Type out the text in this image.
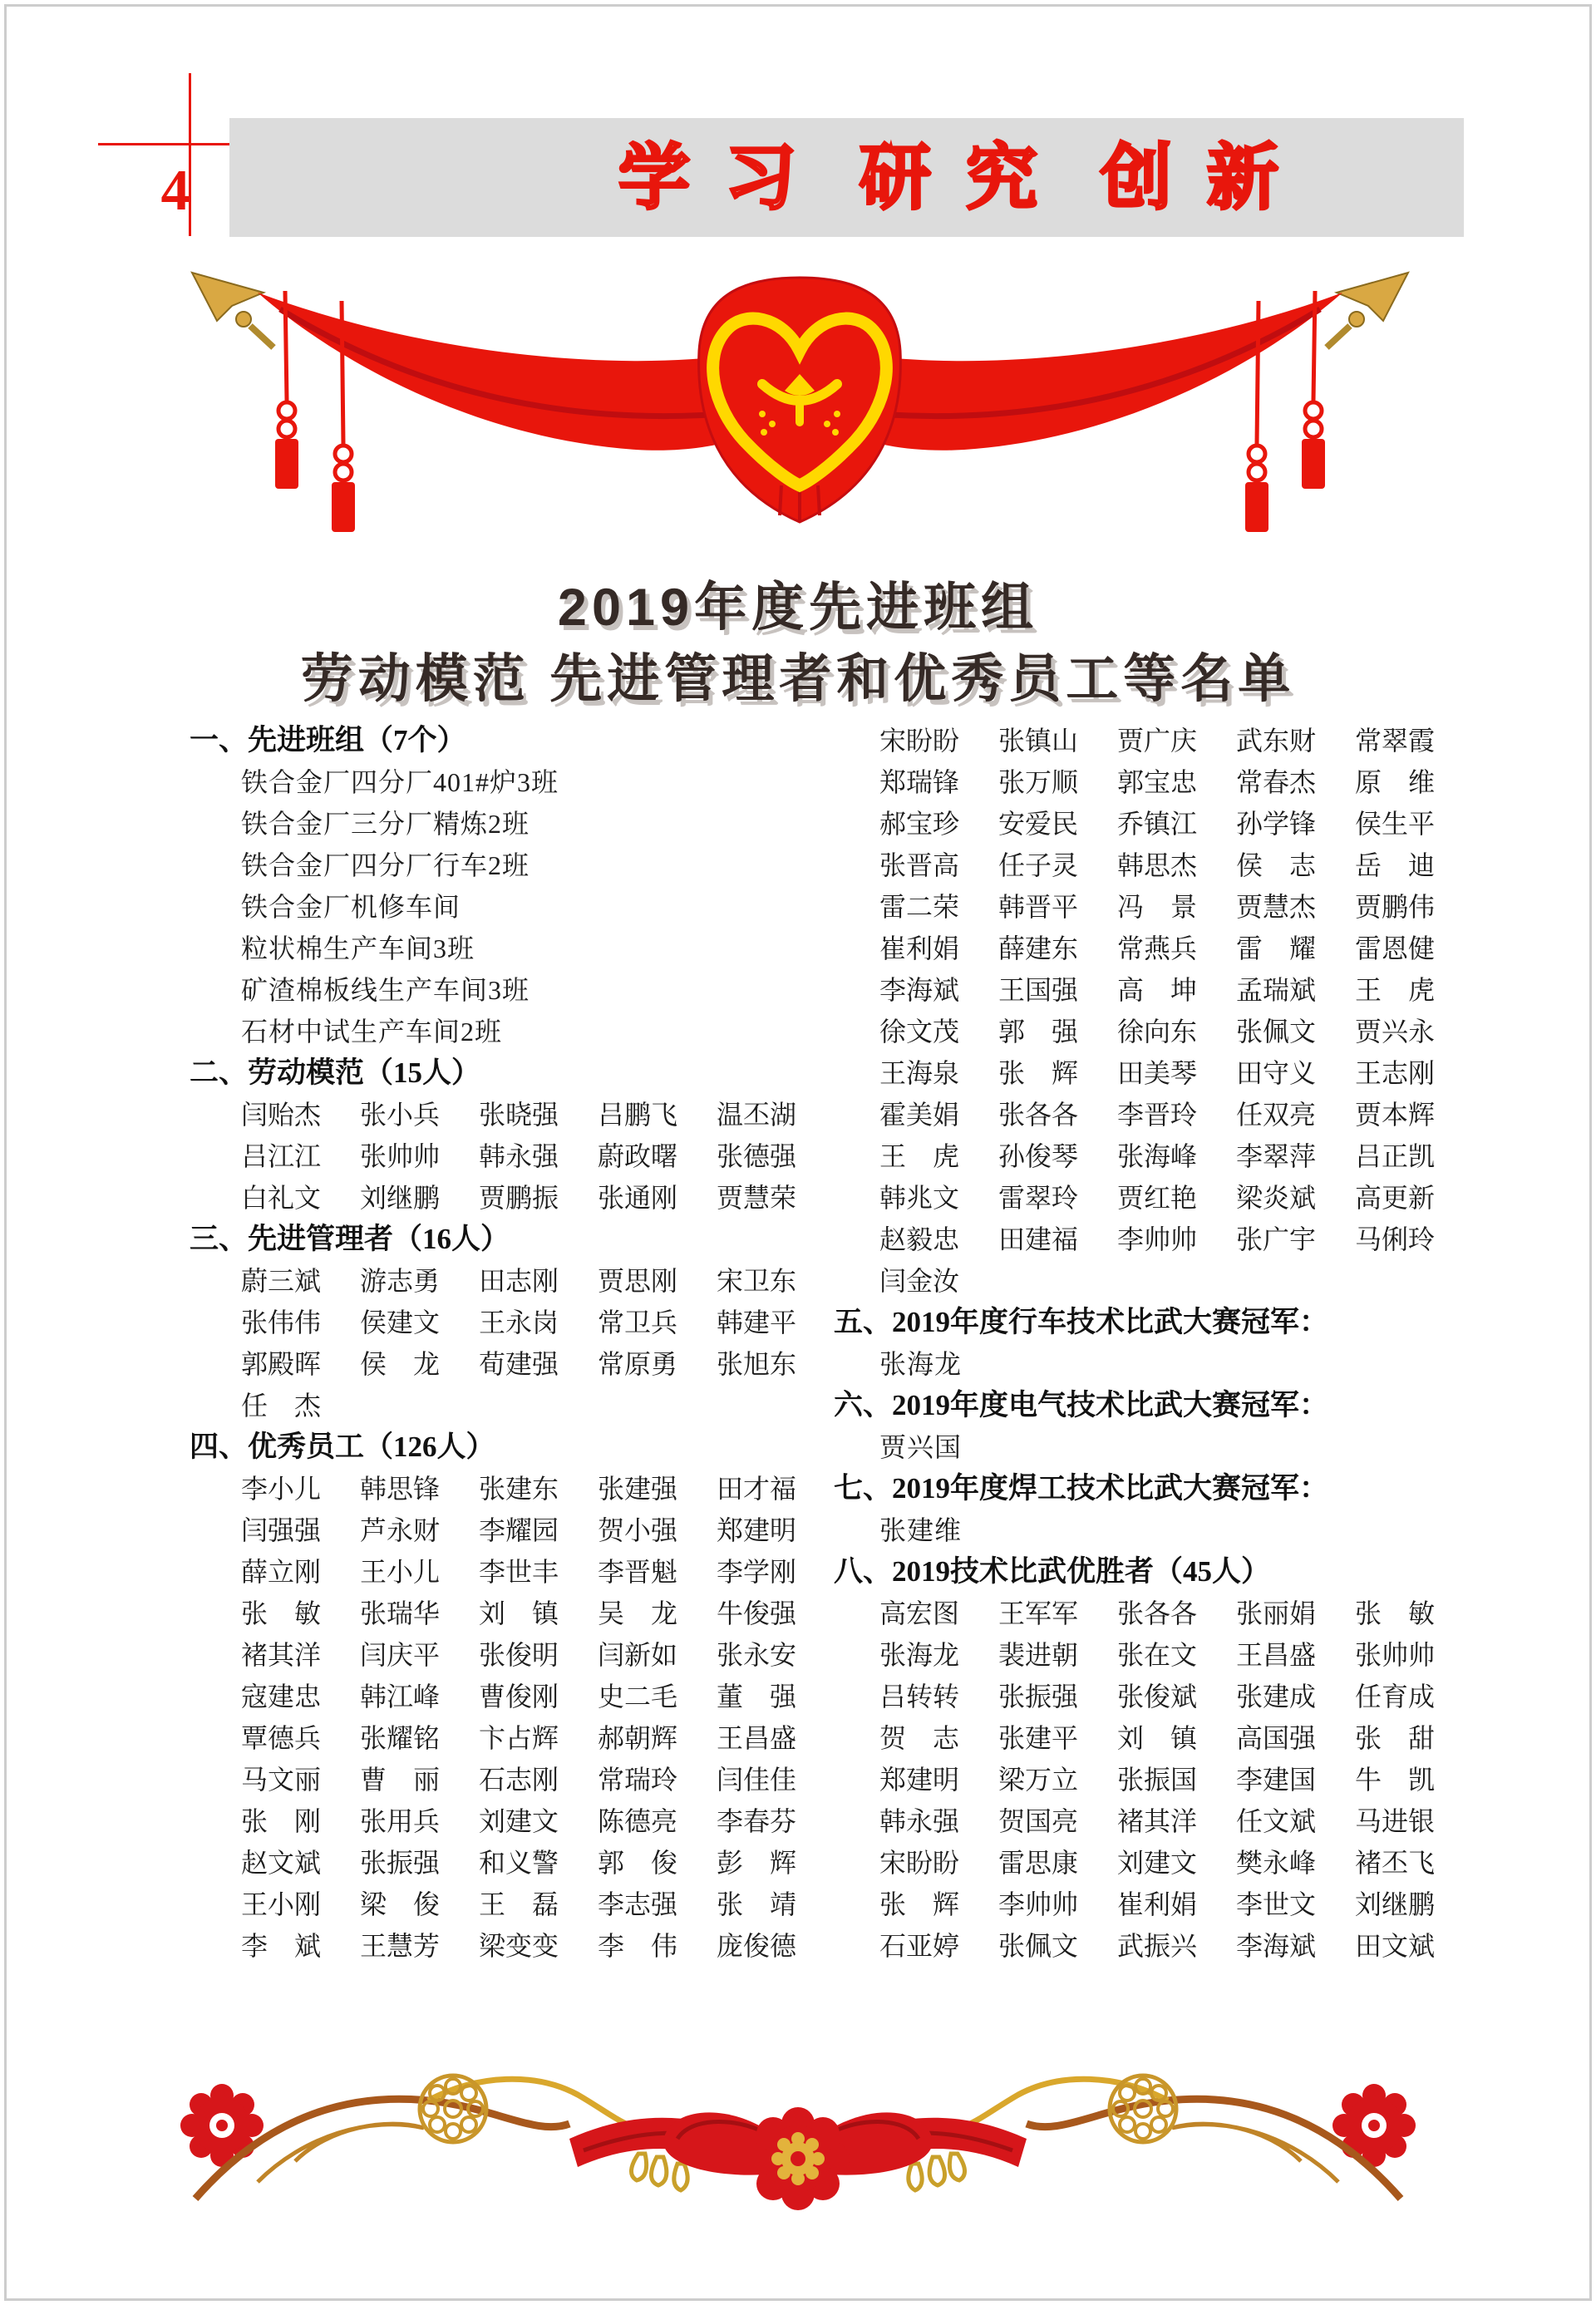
4	学习 研究 创新
2019年度先进班组
劳动模范 先进管理者和优秀员工等名单
一、先进班组（7个）
铁合金厂四分厂401#炉3班
铁合金厂三分厂精炼2班
铁合金厂四分厂行车2班
铁合金厂机修车间
粒状棉生产车间3班
矿渣棉板线生产车间3班
石材中试生产车间2班
二、劳动模范（15人）
闫贻杰 张小兵 张晓强 吕鹏飞 温丕湖
吕江江 张帅帅 韩永强 蔚政曙 张德强
白礼文 刘继鹏 贾鹏振 张通刚 贾慧荣
三、先进管理者（16人）
蔚三斌 游志勇 田志刚 贾思刚 宋卫东
张伟伟 侯建文 王永岗 常卫兵 韩建平
郭殿晖 侯　龙 荀建强 常原勇 张旭东
任　杰
四、优秀员工（126人）
李小儿 韩思锋 张建东 张建强 田才福
闫强强 芦永财 李耀园 贺小强 郑建明
薛立刚 王小儿 李世丰 李晋魁 李学刚
张　敏 张瑞华 刘　镇 吴　龙 牛俊强
褚其洋 闫庆平 张俊明 闫新如 张永安
寇建忠 韩江峰 曹俊刚 史二毛 董　强
覃德兵 张耀铭 卞占辉 郝朝辉 王昌盛
马文丽 曹　丽 石志刚 常瑞玲 闫佳佳
张　刚 张用兵 刘建文 陈德亮 李春芬
赵文斌 张振强 和义警 郭　俊 彭　辉
王小刚 梁　俊 王　磊 李志强 张　靖
李　斌 王慧芳 梁变变 李　伟 庞俊德
宋盼盼 张镇山 贾广庆 武东财 常翠霞
郑瑞锋 张万顺 郭宝忠 常春杰 原　维
郝宝珍 安爱民 乔镇江 孙学锋 侯生平
张晋高 任子灵 韩思杰 侯　志 岳　迪
雷二荣 韩晋平 冯　景 贾慧杰 贾鹏伟
崔利娟 薛建东 常燕兵 雷　耀 雷恩健
李海斌 王国强 高　坤 孟瑞斌 王　虎
徐文茂 郭　强 徐向东 张佩文 贾兴永
王海泉 张　辉 田美琴 田守义 王志刚
霍美娟 张各各 李晋玲 任双亮 贾本辉
王　虎 孙俊琴 张海峰 李翠萍 吕正凯
韩兆文 雷翠玲 贾红艳 梁炎斌 高更新
赵毅忠 田建福 李帅帅 张广宇 马俐玲
闫金汝
五、2019年度行车技术比武大赛冠军：
张海龙
六、2019年度电气技术比武大赛冠军：
贾兴国
七、2019年度焊工技术比武大赛冠军：
张建维
八、2019技术比武优胜者（45人）
高宏图 王军军 张各各 张丽娟 张　敏
张海龙 裴进朝 张在文 王昌盛 张帅帅
吕转转 张振强 张俊斌 张建成 任育成
贺　志 张建平 刘　镇 高国强 张　甜
郑建明 梁万立 张振国 李建国 牛　凯
韩永强 贺国亮 褚其洋 任文斌 马进银
宋盼盼 雷思康 刘建文 樊永峰 褚丕飞
张　辉 李帅帅 崔利娟 李世文 刘继鹏
石亚婷 张佩文 武振兴 李海斌 田文斌
